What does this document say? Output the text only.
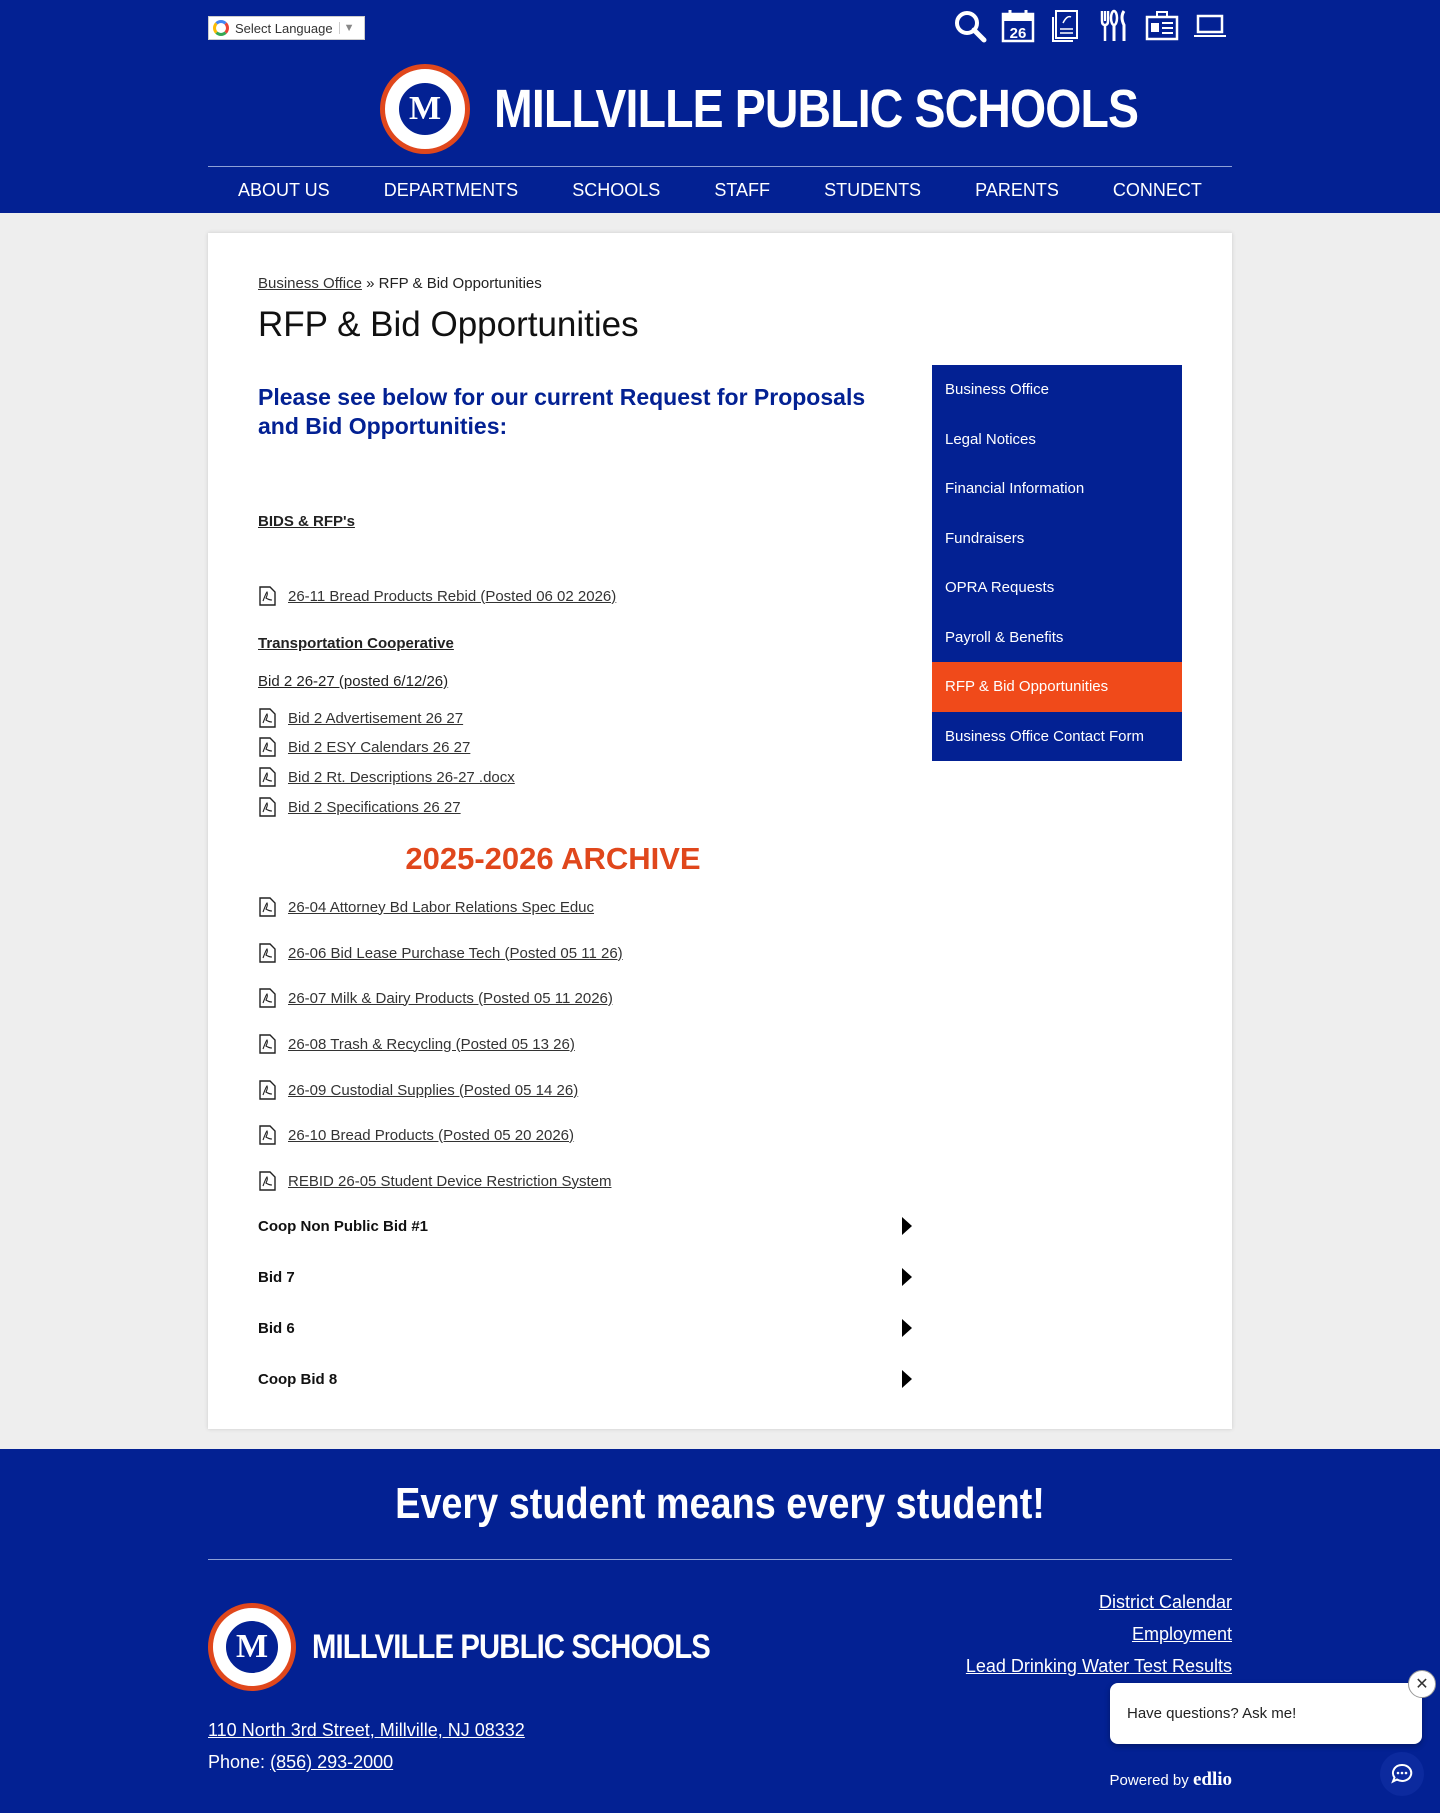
Select Language	▼	26
M MILLVILLE PUBLIC SCHOOLS
ABOUT US	DEPARTMENTS	SCHOOLS	STAFF	STUDENTS	PARENTS	CONNECT
Business Office » RFP & Bid Opportunities
RFP & Bid Opportunities
Please see below for our current Request for Proposals and Bid Opportunities:
BIDS & RFP's
26-11 Bread Products Rebid (Posted 06 02 2026)
Transportation Cooperative
Bid 2 26-27 (posted 6/12/26)
Bid 2 Advertisement 26 27
Bid 2 ESY Calendars 26 27
Bid 2 Rt. Descriptions 26-27 .docx
Bid 2 Specifications 26 27
2025-2026 ARCHIVE
26-04 Attorney Bd Labor Relations Spec Educ
26-06 Bid Lease Purchase Tech (Posted 05 11 26)
26-07 Milk & Dairy Products (Posted 05 11 2026)
26-08 Trash & Recycling (Posted 05 13 26)
26-09 Custodial Supplies (Posted 05 14 26)
26-10 Bread Products (Posted 05 20 2026)
REBID 26-05 Student Device Restriction System
Coop Non Public Bid #1
Bid 7
Bid 6
Coop Bid 8
Business Office
Legal Notices
Financial Information
Fundraisers
OPRA Requests
Payroll & Benefits
RFP & Bid Opportunities
Business Office Contact Form
Every student means every student!
M	MILLVILLE PUBLIC SCHOOLS
110 North 3rd Street, Millville, NJ 08332
Phone: (856) 293-2000
District Calendar
Employment
Lead Drinking Water Test Results
Powered by edlio
Have questions? Ask me!
✕
